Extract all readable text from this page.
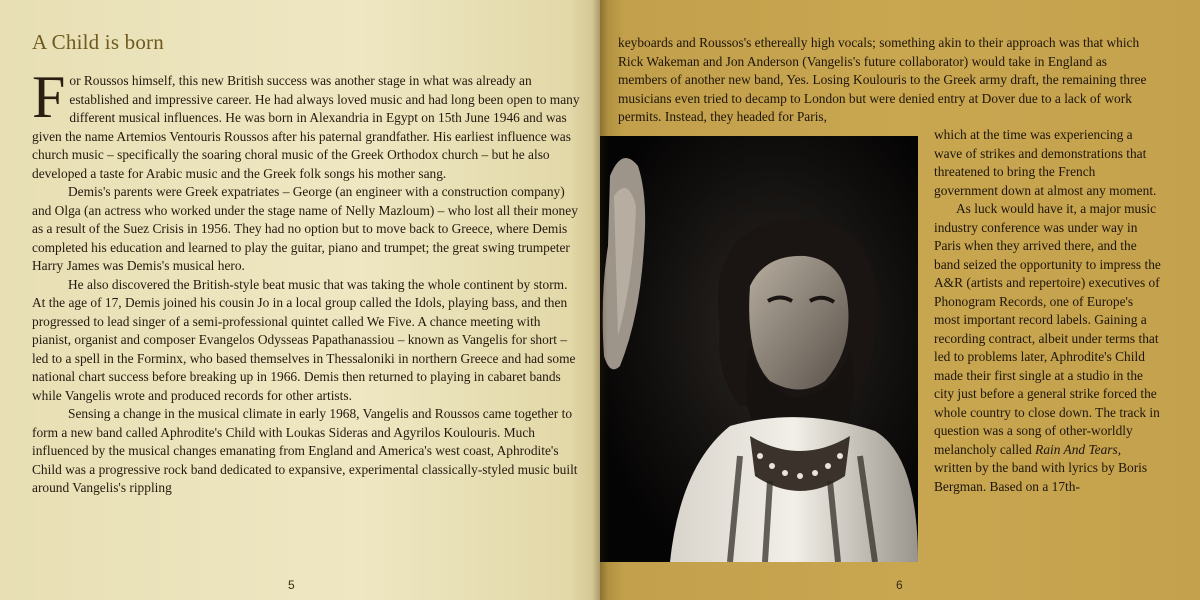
A Child is born

For Roussos himself, this new British success was another stage in what was already an established and impressive career. He had always loved music and had long been open to many different musical influences. He was born in Alexandria in Egypt on 15th June 1946 and was given the name Artemios Ventouris Roussos after his paternal grandfather. His earliest influence was church music – specifically the soaring choral music of the Greek Orthodox church – but he also developed a taste for Arabic music and the Greek folk songs his mother sang.

Demis's parents were Greek expatriates – George (an engineer with a construction company) and Olga (an actress who worked under the stage name of Nelly Mazloum) – who lost all their money as a result of the Suez Crisis in 1956. They had no option but to move back to Greece, where Demis completed his education and learned to play the guitar, piano and trumpet; the great swing trumpeter Harry James was Demis's musical hero.

He also discovered the British-style beat music that was taking the whole continent by storm. At the age of 17, Demis joined his cousin Jo in a local group called the Idols, playing bass, and then progressed to lead singer of a semi-professional quintet called We Five. A chance meeting with pianist, organist and composer Evangelos Odysseas Papathanassiou – known as Vangelis for short – led to a spell in the Forminx, who based themselves in Thessaloniki in northern Greece and had some national chart success before breaking up in 1966. Demis then returned to playing in cabaret bands while Vangelis wrote and produced records for other artists.

Sensing a change in the musical climate in early 1968, Vangelis and Roussos came together to form a new band called Aphrodite's Child with Loukas Sideras and Agyrilos Koulouris. Much influenced by the musical changes emanating from England and America's west coast, Aphrodite's Child was a progressive rock band dedicated to expansive, experimental classically-styled music built around Vangelis's rippling

5

keyboards and Roussos's ethereally high vocals; something akin to their approach was that which Rick Wakeman and Jon Anderson (Vangelis's future collaborator) would take in England as members of another new band, Yes. Losing Koulouris to the Greek army draft, the remaining three musicians even tried to decamp to London but were denied entry at Dover due to a lack of work permits. Instead, they headed for Paris,

which at the time was experiencing a wave of strikes and demonstrations that threatened to bring the French government down at almost any moment.

As luck would have it, a major music industry conference was under way in Paris when they arrived there, and the band seized the opportunity to impress the A&R (artists and repertoire) executives of Phonogram Records, one of Europe's most important record labels. Gaining a recording contract, albeit under terms that led to problems later, Aphrodite's Child made their first single at a studio in the city just before a general strike forced the whole country to close down. The track in question was a song of other-worldly melancholy called Rain And Tears, written by the band with lyrics by Boris Bergman. Based on a 17th-

6
